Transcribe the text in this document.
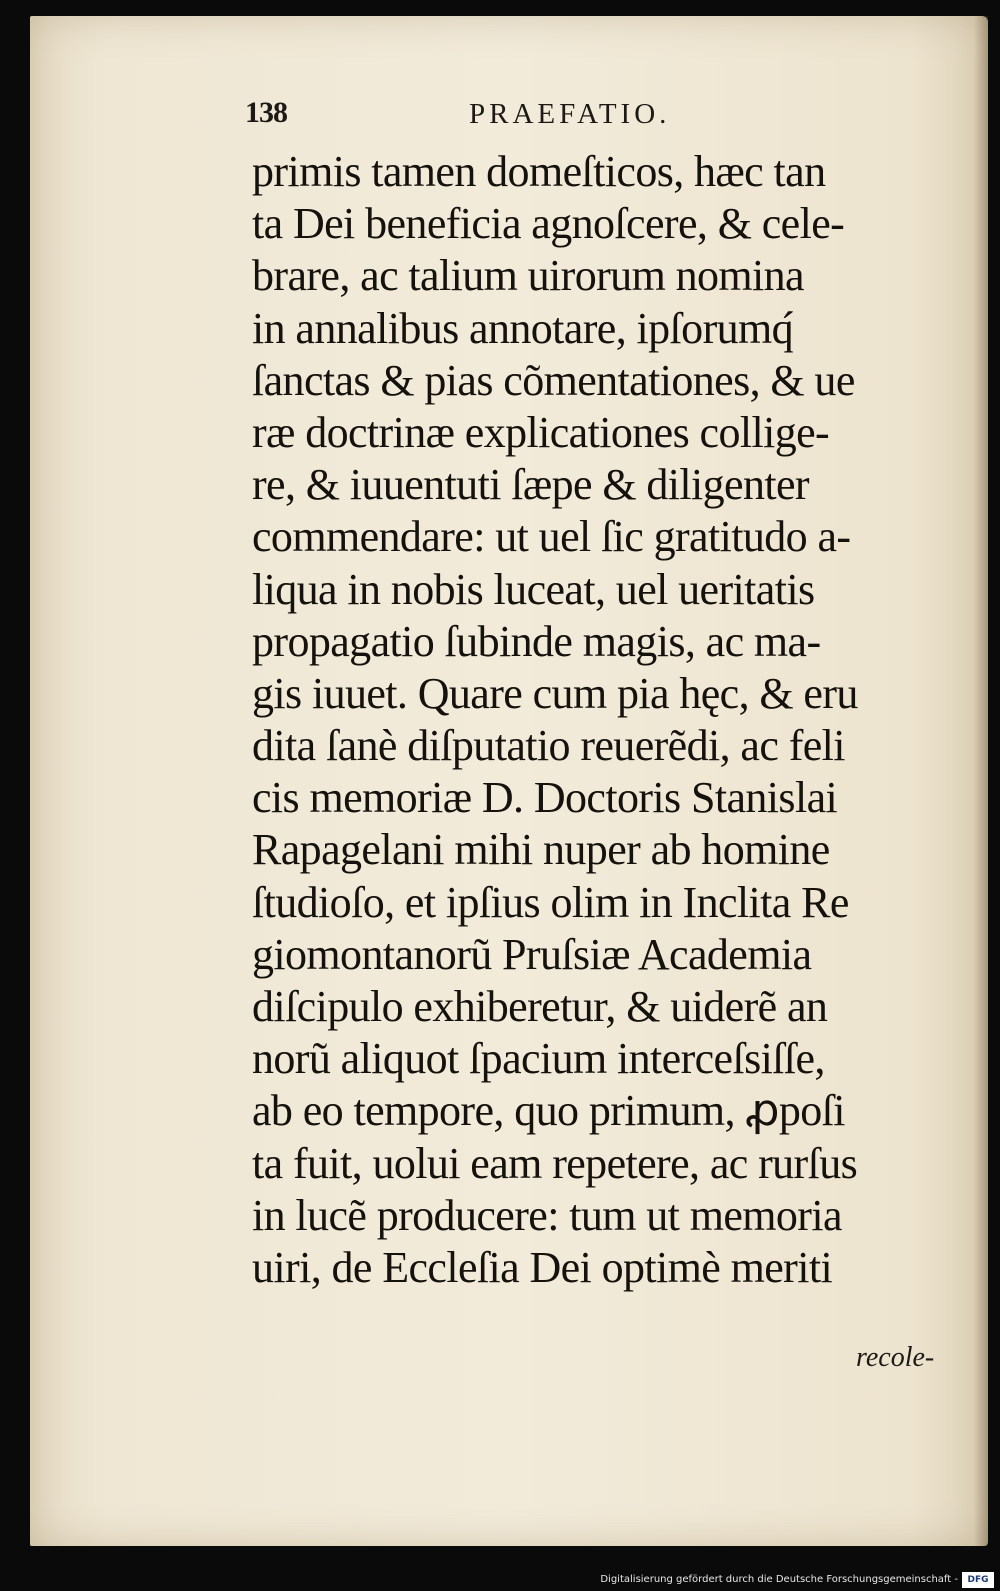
138	PRAEFATIO.
primis tamen domeſticos, hæc tan
ta Dei beneficia agnoſcere, & cele-
brare, ac talium uirorum nomina
in annalibus annotare, ipſorumq́
ſanctas & pias cõmentationes, & ue
ræ doctrinæ explicationes collige-
re, & iuuentuti ſæpe & diligenter
commendare: ut uel ſic gratitudo a-
liqua in nobis luceat, uel ueritatis
propagatio ſubinde magis, ac ma-
gis iuuet. Quare cum pia hęc, & eru
dita ſanè diſputatio reuerẽdi, ac feli
cis memoriæ D. Doctoris Stanislai
Rapagelani mihi nuper ab homine
ſtudioſo, et ipſius olim in Inclita Re
giomontanorũ Pruſsiæ Academia
diſcipulo exhiberetur, & uiderẽ an
norũ aliquot ſpacium interceſsiſſe,
ab eo tempore, quo primum, ꝓpoſi
ta fuit, uolui eam repetere, ac rurſus
in lucẽ producere: tum ut memoria
uiri, de Eccleſia Dei optimè meriti
recole-
Digitalisierung gefördert durch die Deutsche Forschungsgemeinschaft -	DFG
